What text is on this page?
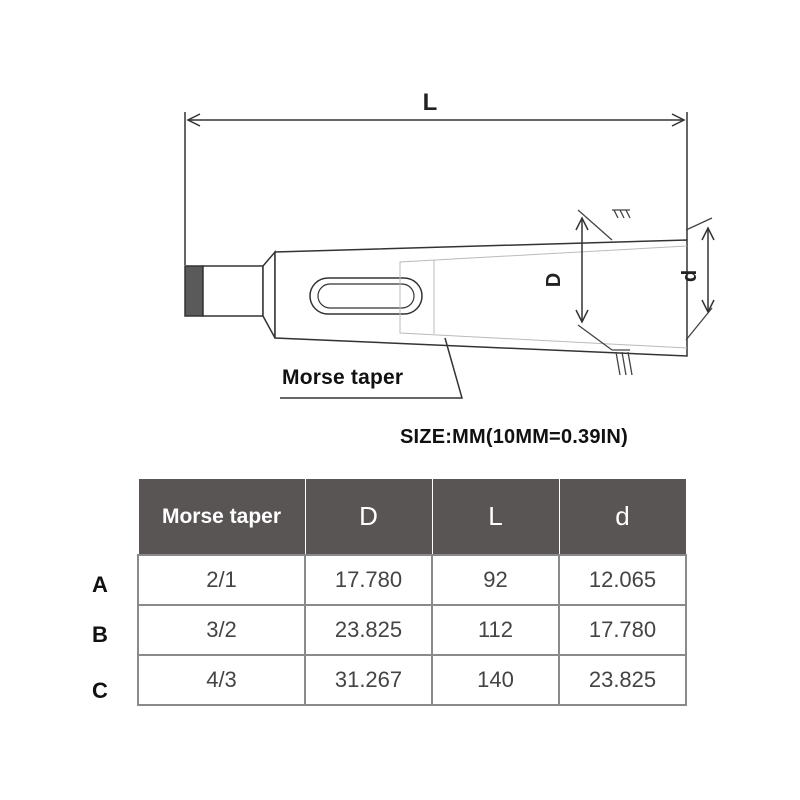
L
D	d
Morse taper
SIZE:MM(10MM=0.39IN)
Morse taper	D	L	d
2/1	17.780	92	12.065
3/2	23.825	112	17.780
4/3	31.267	140	23.825
A
B
C
